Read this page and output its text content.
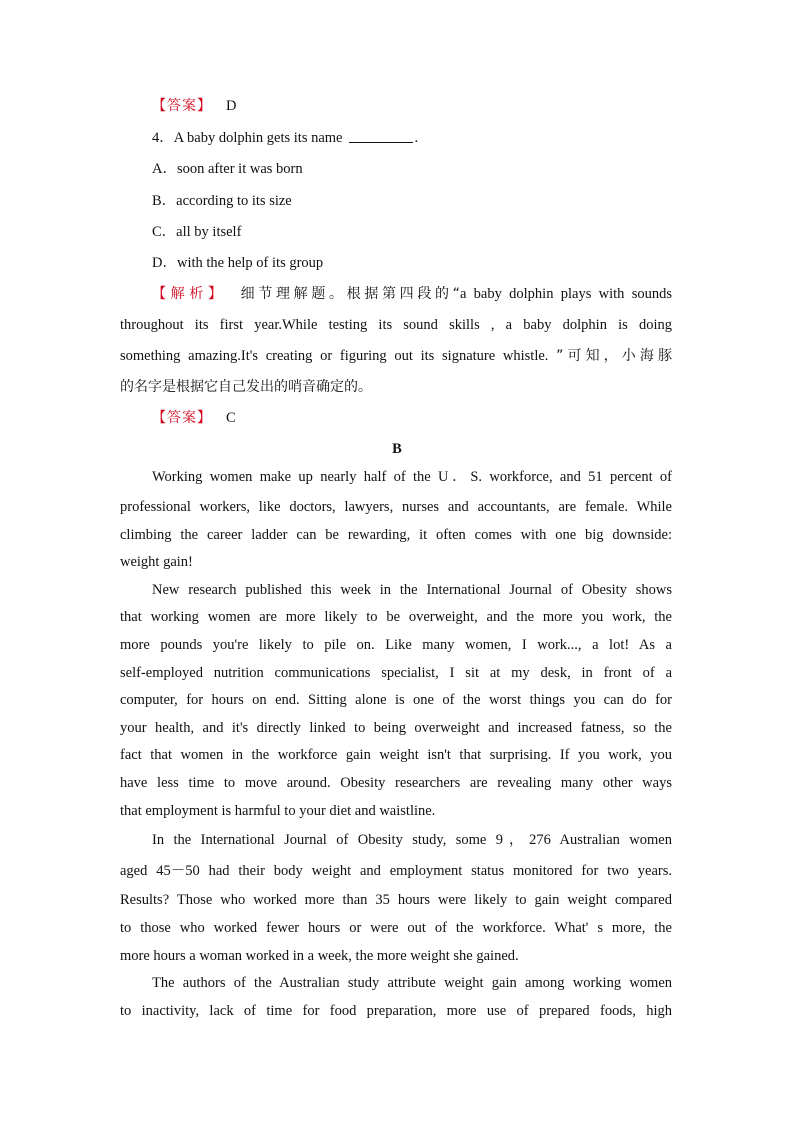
【答案】 D
4．A baby dolphin gets its name	.
A．soon after it was born
B．according to its size
C．all by itself
D．with the help of its group
【解析】 细节理解题。根据第四段的“a baby dolphin plays with sounds
throughout its first year.While testing its sound skills , a baby dolphin is doing
something amazing.It's creating or figuring out its signature whistle. ”可知，小海豚
的名字是根据它自己发出的哨音确定的。
【答案】 C
B
Working women make up nearly half of the U．S. workforce, and 51 percent of
professional workers, like doctors, lawyers, nurses and accountants, are female. While
climbing the career ladder can be rewarding, it often comes with one big downside:
weight gain!
New research published this week in the International Journal of Obesity shows
that working women are more likely to be overweight, and the more you work, the
more pounds you're likely to pile on. Like many women, I work..., a lot! As a
self-employed nutrition communications specialist, I sit at my desk, in front of a
computer, for hours on end. Sitting alone is one of the worst things you can do for
your health, and it's directly linked to being overweight and increased fatness, so the
fact that women in the workforce gain weight isn't that surprising. If you work, you
have less time to move around. Obesity researchers are revealing many other ways
that employment is harmful to your diet and waistline.
In the International Journal of Obesity study, some 9，276 Australian women
aged 45－50 had their body weight and employment status monitored for two years.
Results? Those who worked more than 35 hours were likely to gain weight compared
to those who worked fewer hours or were out of the workforce. What' s more, the
more hours a woman worked in a week, the more weight she gained.
The authors of the Australian study attribute weight gain among working women
to inactivity, lack of time for food preparation, more use of prepared foods, high
